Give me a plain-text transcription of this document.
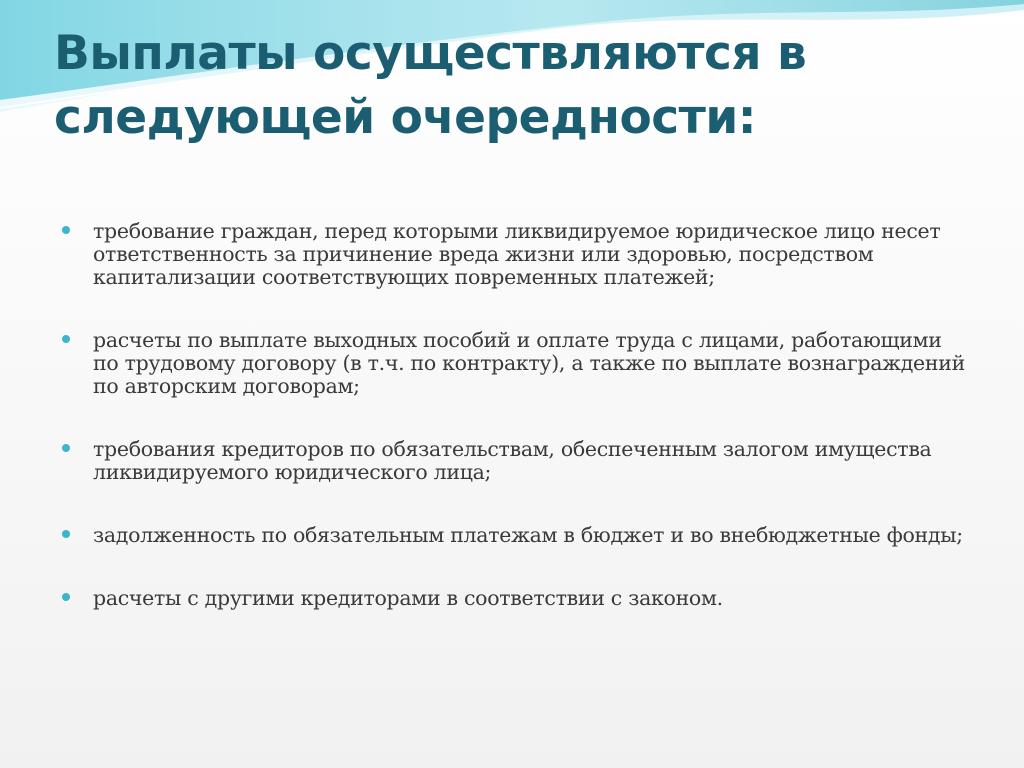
Выплаты осуществляются в следующей очередности:
требование граждан, перед которыми ликвидируемое юридическое лицо несет ответственность за причинение вреда жизни или здоровью, посредством капитализации соответствующих повременных платежей;
расчеты по выплате выходных пособий и оплате труда с лицами, работающими по трудовому договору (в т.ч. по контракту), а также по выплате вознаграждений по авторским договорам;
требования кредиторов по обязательствам, обеспеченным залогом имущества ликвидируемого юридического лица;
задолженность по обязательным платежам в бюджет и во внебюджетные фонды;
расчеты с другими кредиторами в соответствии с законом.
